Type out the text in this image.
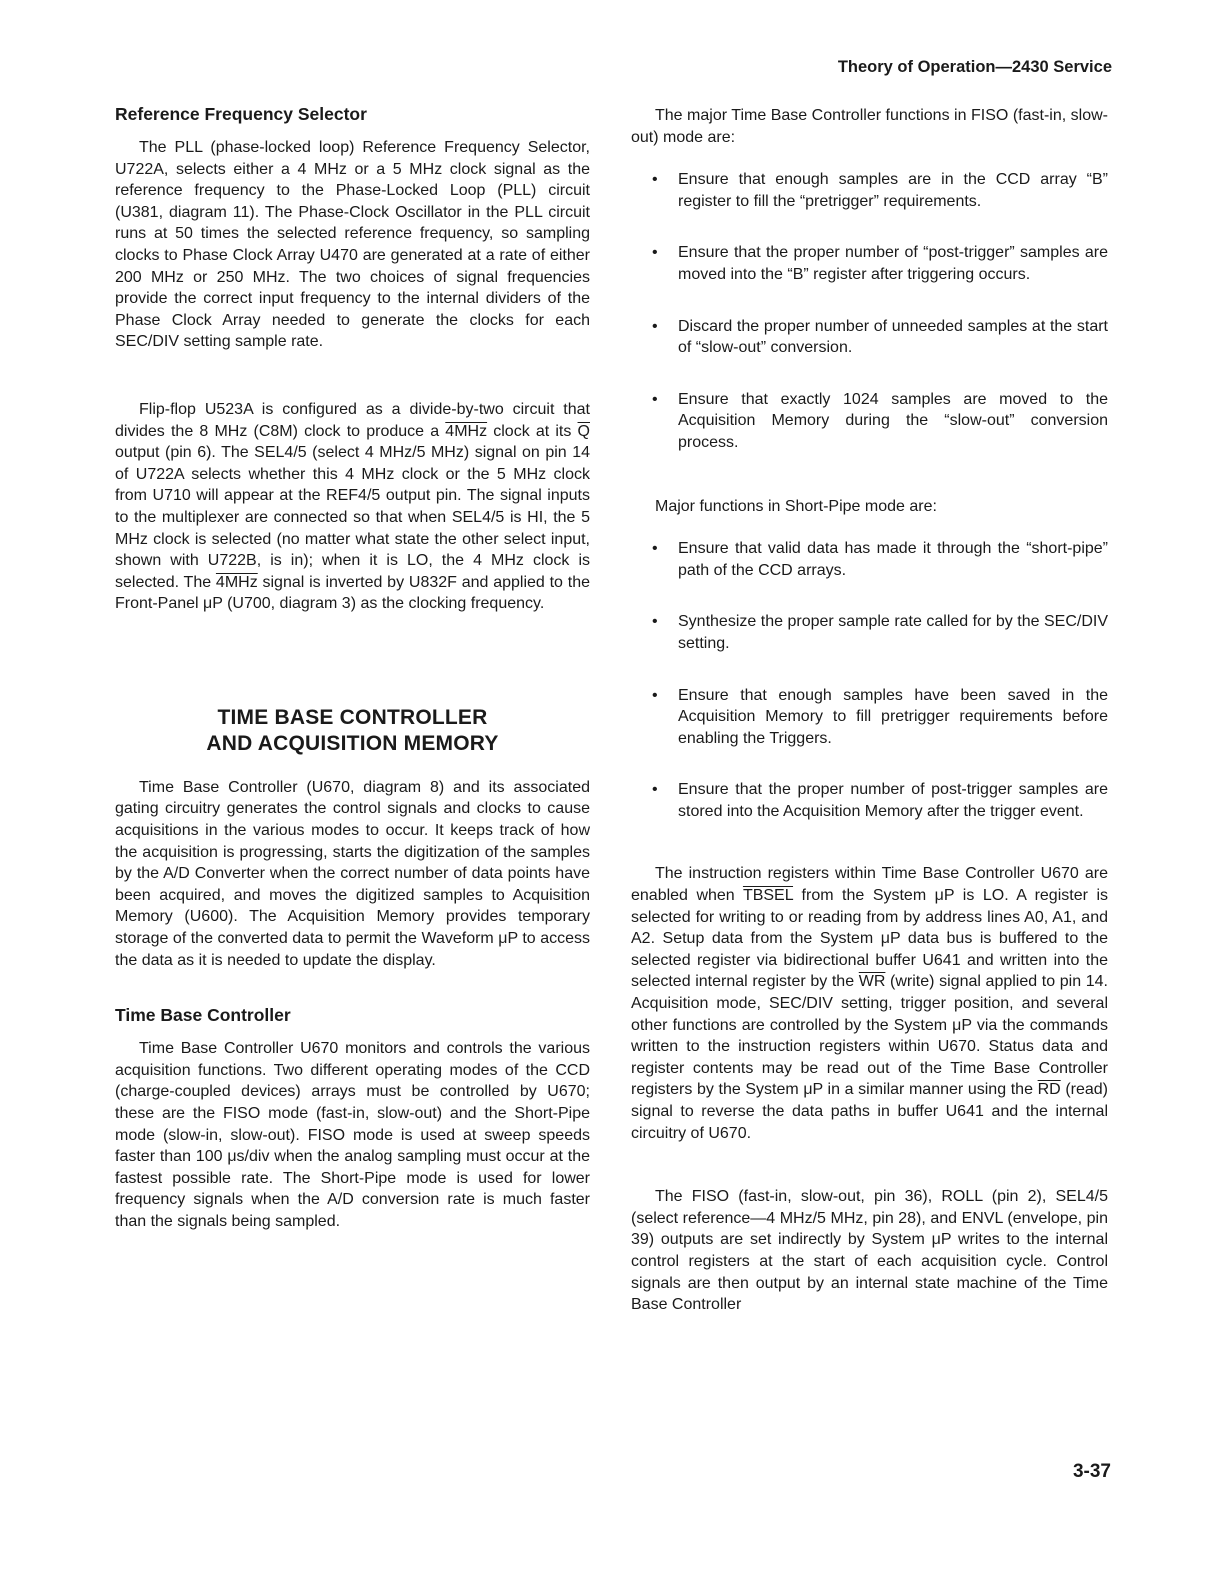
Theory of Operation—2430 Service
Reference Frequency Selector

The PLL (phase-locked loop) Reference Frequency Selector, U722A, selects either a 4 MHz or a 5 MHz clock signal as the reference frequency to the Phase-Locked Loop (PLL) circuit (U381, diagram 11). The Phase-Clock Oscillator in the PLL circuit runs at 50 times the selected reference frequency, so sampling clocks to Phase Clock Array U470 are generated at a rate of either 200 MHz or 250 MHz. The two choices of signal frequencies provide the correct input frequency to the internal dividers of the Phase Clock Array needed to generate the clocks for each SEC/DIV setting sample rate.

Flip-flop U523A is configured as a divide-by-two circuit that divides the 8 MHz (C8M) clock to produce a 4MHz clock at its $\overline{Q}$ output (pin 6). The SEL4/5 (select 4 MHz/5 MHz) signal on pin 14 of U722A selects whether this 4 MHz clock or the 5 MHz clock from U710 will appear at the REF4/5 output pin. The signal inputs to the multiplexer are connected so that when SEL4/5 is HI, the 5 MHz clock is selected (no matter what state the other select input, shown with U722B, is in); when it is LO, the 4 MHz clock is selected. The 4MHz signal is inverted by U832F and applied to the Front-Panel μP (U700, diagram 3) as the clocking frequency.

TIME BASE CONTROLLER
AND ACQUISITION MEMORY

Time Base Controller (U670, diagram 8) and its associated gating circuitry generates the control signals and clocks to cause acquisitions in the various modes to occur. It keeps track of how the acquisition is progressing, starts the digitization of the samples by the A/D Converter when the correct number of data points have been acquired, and moves the digitized samples to Acquisition Memory (U600). The Acquisition Memory provides temporary storage of the converted data to permit the Waveform μP to access the data as it is needed to update the display.

Time Base Controller

Time Base Controller U670 monitors and controls the various acquisition functions. Two different operating modes of the CCD (charge-coupled devices) arrays must be controlled by U670; these are the FISO mode (fast-in, slow-out) and the Short-Pipe mode (slow-in, slow-out). FISO mode is used at sweep speeds faster than 100 μs/div when the analog sampling must occur at the fastest possible rate. The Short-Pipe mode is used for lower frequency signals when the A/D conversion rate is much faster than the signals being sampled.

The major Time Base Controller functions in FISO (fast-in, slow-out) mode are:

• Ensure that enough samples are in the CCD array “B” register to fill the “pretrigger” requirements.
• Ensure that the proper number of “post-trigger” samples are moved into the “B” register after triggering occurs.
• Discard the proper number of unneeded samples at the start of “slow-out” conversion.
• Ensure that exactly 1024 samples are moved to the Acquisition Memory during the “slow-out” conversion process.

Major functions in Short-Pipe mode are:

• Ensure that valid data has made it through the “short-pipe” path of the CCD arrays.
• Synthesize the proper sample rate called for by the SEC/DIV setting.
• Ensure that enough samples have been saved in the Acquisition Memory to fill pretrigger requirements before enabling the Triggers.
• Ensure that the proper number of post-trigger samples are stored into the Acquisition Memory after the trigger event.

The instruction registers within Time Base Controller U670 are enabled when TBSEL from the System μP is LO. A register is selected for writing to or reading from by address lines A0, A1, and A2. Setup data from the System μP data bus is buffered to the selected register via bidirectional buffer U641 and written into the selected internal register by the $\overline{WR}$ (write) signal applied to pin 14. Acquisition mode, SEC/DIV setting, trigger position, and several other functions are controlled by the System μP via the commands written to the instruction registers within U670. Status data and register contents may be read out of the Time Base Controller registers by the System μP in a similar manner using the $\overline{RD}$ (read) signal to reverse the data paths in buffer U641 and the internal circuitry of U670.

The FISO (fast-in, slow-out, pin 36), ROLL (pin 2), SEL4/5 (select reference—4 MHz/5 MHz, pin 28), and ENVL (envelope, pin 39) outputs are set indirectly by System μP writes to the internal control registers at the start of each acquisition cycle. Control signals are then output by an internal state machine of the Time Base Controller

3-37
